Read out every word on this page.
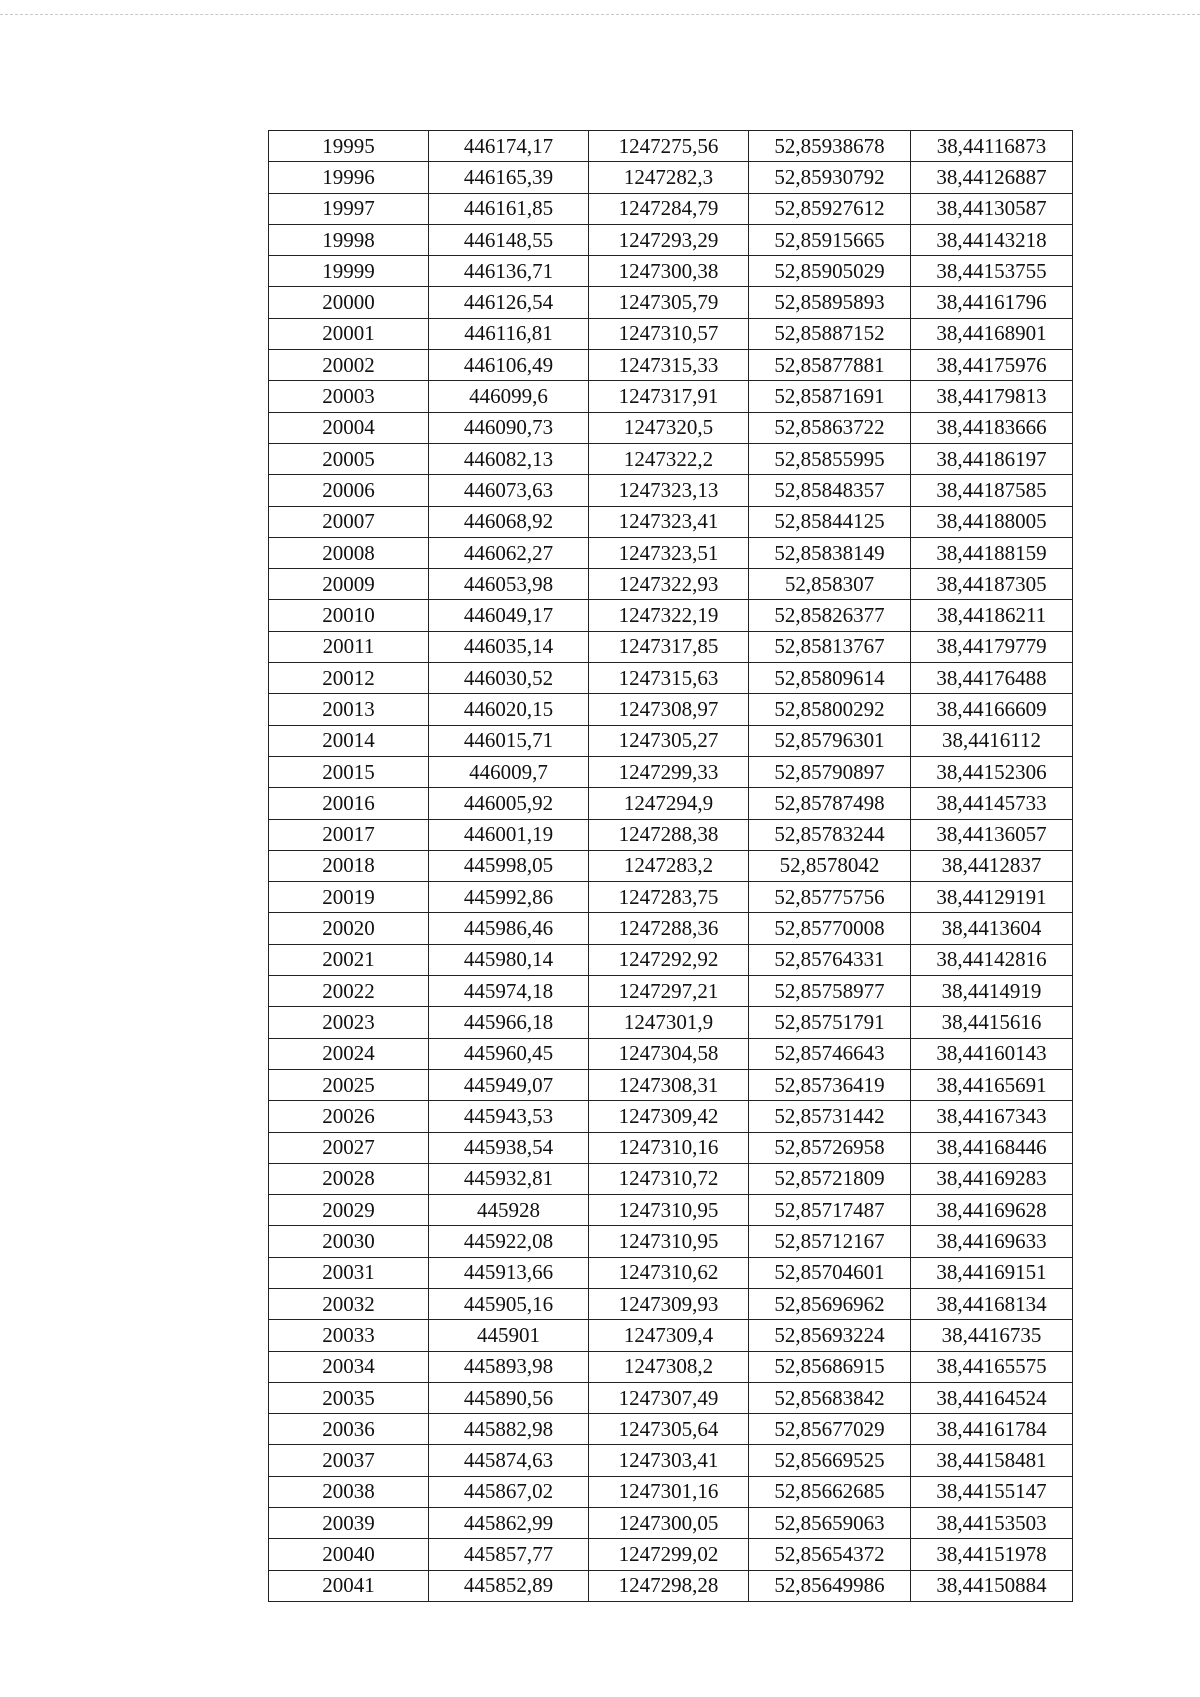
19995	446174,17	1247275,56	52,85938678	38,44116873
19996	446165,39	1247282,3	52,85930792	38,44126887
19997	446161,85	1247284,79	52,85927612	38,44130587
19998	446148,55	1247293,29	52,85915665	38,44143218
19999	446136,71	1247300,38	52,85905029	38,44153755
20000	446126,54	1247305,79	52,85895893	38,44161796
20001	446116,81	1247310,57	52,85887152	38,44168901
20002	446106,49	1247315,33	52,85877881	38,44175976
20003	446099,6	1247317,91	52,85871691	38,44179813
20004	446090,73	1247320,5	52,85863722	38,44183666
20005	446082,13	1247322,2	52,85855995	38,44186197
20006	446073,63	1247323,13	52,85848357	38,44187585
20007	446068,92	1247323,41	52,85844125	38,44188005
20008	446062,27	1247323,51	52,85838149	38,44188159
20009	446053,98	1247322,93	52,858307	38,44187305
20010	446049,17	1247322,19	52,85826377	38,44186211
20011	446035,14	1247317,85	52,85813767	38,44179779
20012	446030,52	1247315,63	52,85809614	38,44176488
20013	446020,15	1247308,97	52,85800292	38,44166609
20014	446015,71	1247305,27	52,85796301	38,4416112
20015	446009,7	1247299,33	52,85790897	38,44152306
20016	446005,92	1247294,9	52,85787498	38,44145733
20017	446001,19	1247288,38	52,85783244	38,44136057
20018	445998,05	1247283,2	52,8578042	38,4412837
20019	445992,86	1247283,75	52,85775756	38,44129191
20020	445986,46	1247288,36	52,85770008	38,4413604
20021	445980,14	1247292,92	52,85764331	38,44142816
20022	445974,18	1247297,21	52,85758977	38,4414919
20023	445966,18	1247301,9	52,85751791	38,4415616
20024	445960,45	1247304,58	52,85746643	38,44160143
20025	445949,07	1247308,31	52,85736419	38,44165691
20026	445943,53	1247309,42	52,85731442	38,44167343
20027	445938,54	1247310,16	52,85726958	38,44168446
20028	445932,81	1247310,72	52,85721809	38,44169283
20029	445928	1247310,95	52,85717487	38,44169628
20030	445922,08	1247310,95	52,85712167	38,44169633
20031	445913,66	1247310,62	52,85704601	38,44169151
20032	445905,16	1247309,93	52,85696962	38,44168134
20033	445901	1247309,4	52,85693224	38,4416735
20034	445893,98	1247308,2	52,85686915	38,44165575
20035	445890,56	1247307,49	52,85683842	38,44164524
20036	445882,98	1247305,64	52,85677029	38,44161784
20037	445874,63	1247303,41	52,85669525	38,44158481
20038	445867,02	1247301,16	52,85662685	38,44155147
20039	445862,99	1247300,05	52,85659063	38,44153503
20040	445857,77	1247299,02	52,85654372	38,44151978
20041	445852,89	1247298,28	52,85649986	38,44150884
